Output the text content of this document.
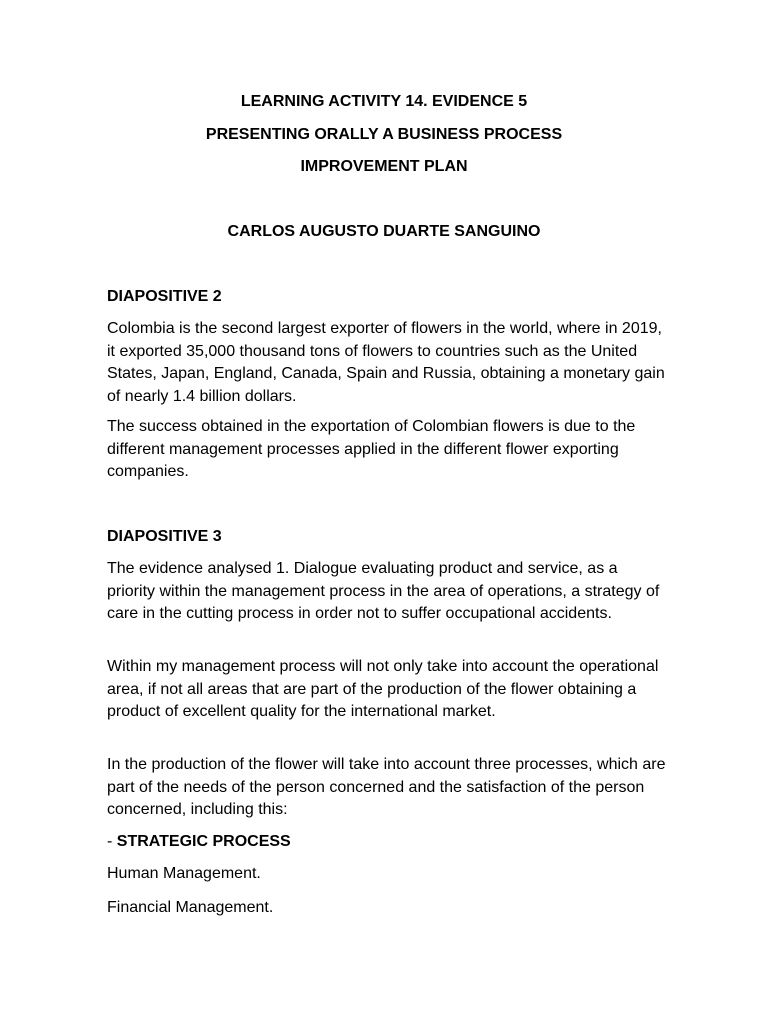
LEARNING ACTIVITY 14. EVIDENCE 5

PRESENTING ORALLY A BUSINESS PROCESS

IMPROVEMENT PLAN

CARLOS AUGUSTO DUARTE SANGUINO

DIAPOSITIVE 2

Colombia is the second largest exporter of flowers in the world, where in 2019, it exported 35,000 thousand tons of flowers to countries such as the United States, Japan, England, Canada, Spain and Russia, obtaining a monetary gain of nearly 1.4 billion dollars.

The success obtained in the exportation of Colombian flowers is due to the different management processes applied in the different flower exporting companies.

DIAPOSITIVE 3

The evidence analysed 1. Dialogue evaluating product and service, as a priority within the management process in the area of operations, a strategy of care in the cutting process in order not to suffer occupational accidents.

Within my management process will not only take into account the operational area, if not all areas that are part of the production of the flower obtaining a product of excellent quality for the international market.

In the production of the flower will take into account three processes, which are part of the needs of the person concerned and the satisfaction of the person concerned, including this:

- STRATEGIC PROCESS

Human Management.

Financial Management.
